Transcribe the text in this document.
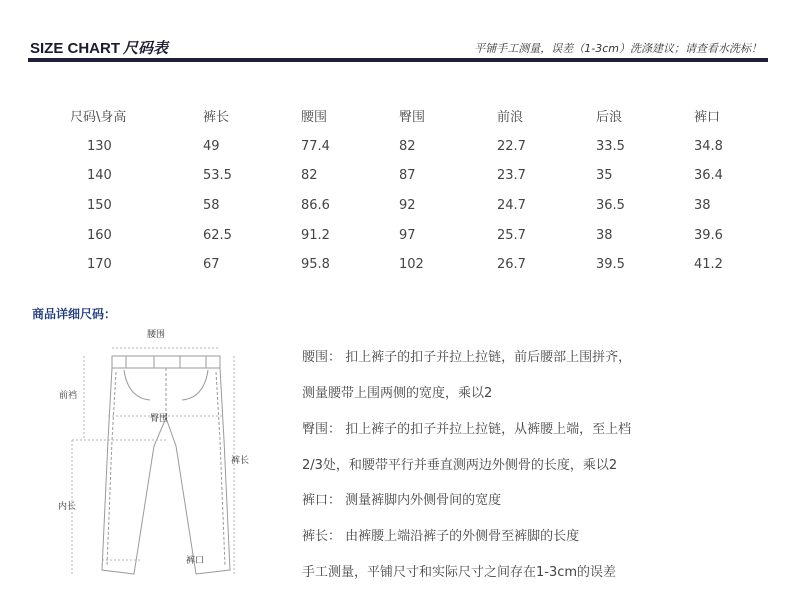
SIZE CHART 尺码表	平铺手工测量，误差（1-3cm）洗涤建议；请查看水洗标！
尺码\身高	裤长	腰围	臀围	前浪	后浪	裤口
130	49	77.4	82	22.7	33.5	34.8
140	53.5	82	87	23.7	35	36.4
150	58	86.6	92	24.7	36.5	38
160	62.5	91.2	97	25.7	38	39.6
170	67	95.8	102	26.7	39.5	41.2
商品详细尺码：
腰围
前裆
臀围
裤长
内长
裤口
腰围： 扣上裤子的扣子并拉上拉链，前后腰部上围拼齐，
测量腰带上围两侧的宽度，乘以2
臀围： 扣上裤子的扣子并拉上拉链，从裤腰上端，至上档
2/3处，和腰带平行并垂直测两边外侧骨的长度，乘以2
裤口： 测量裤脚内外侧骨间的宽度
裤长： 由裤腰上端沿裤子的外侧骨至裤脚的长度
手工测量，平铺尺寸和实际尺寸之间存在1-3cm的误差
